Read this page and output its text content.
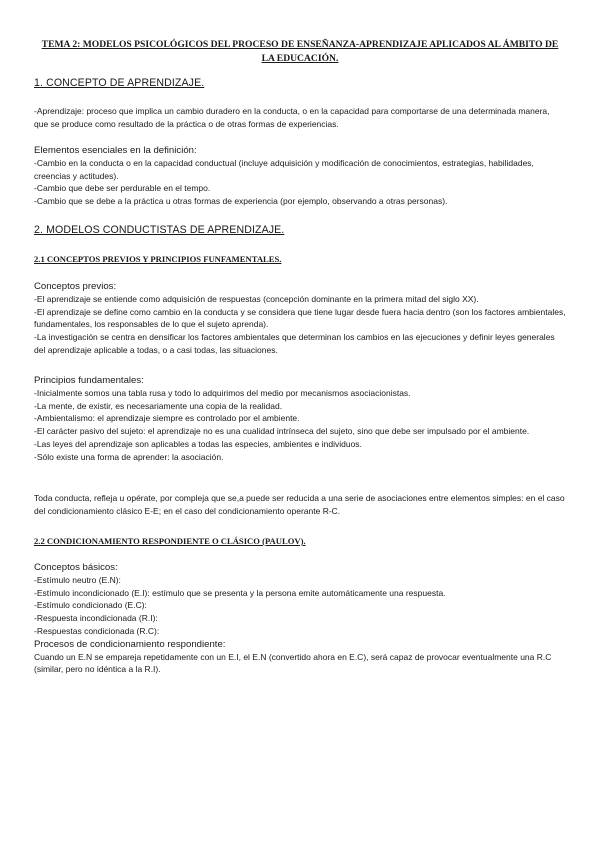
TEMA 2: MODELOS PSICOLÓGICOS DEL PROCESO DE ENSEÑANZA-APRENDIZAJE APLICADOS AL ÁMBITO DE LA EDUCACIÓN.
1. CONCEPTO DE APRENDIZAJE.

-Aprendizaje: proceso que implica un cambio duradero en la conducta, o en la capacidad para comportarse de una determinada manera, que se produce como resultado de la práctica o de otras formas de experiencias.

Elementos esenciales en la definición:

-Cambio en la conducta o en la capacidad conductual (incluye adquisición y modificación de conocimientos, estrategias, habilidades, creencias y actitudes).

-Cambio que debe ser perdurable en el tempo.

-Cambio que se debe a la práctica u otras formas de experiencia (por ejemplo, observando a otras personas).

2. MODELOS CONDUCTISTAS DE APRENDIZAJE.
2.1 CONCEPTOS PREVIOS Y PRINCIPIOS FUNFAMENTALES.

Conceptos previos:

-El aprendizaje se entiende como adquisición de respuestas (concepción dominante en la primera mitad del siglo XX).

-El aprendizaje se define como cambio en la conducta y se considera que tiene lugar desde fuera hacia dentro (son los factores ambientales, fundamentales, los responsables de lo que el sujeto aprenda).

-La investigación se centra en densificar los factores ambientales que determinan los cambios en las ejecuciones y definir leyes generales del aprendizaje aplicable a todas, o a casi todas, las situaciones.

Principios fundamentales:

-Inicialmente somos una tabla rusa y todo lo adquirimos del medio por mecanismos asociacionistas.

-La mente, de existir, es necesariamente una copia de la realidad.

-Ambientalismo: el aprendizaje siempre es controlado por el ambiente.

-El carácter pasivo del sujeto: el aprendizaje no es una cualidad intrínseca del sujeto, sino que debe ser impulsado por el ambiente.

-Las leyes del aprendizaje son aplicables a todas las especies, ambientes e individuos.

-Sólo existe una forma de aprender: la asociación.

Toda conducta, refleja u opérate, por compleja que se,a puede ser reducida a una serie de asociaciones entre elementos simples: en el caso del condicionamiento clásico E-E; en el caso del condicionamiento operante R-C.

2.2 CONDICIONAMIENTO RESPONDIENTE O CLÁSICO (PAULOV).

Conceptos básicos:

-Estímulo neutro (E.N):

-Estímulo incondicionado (E.I): estímulo que se presenta y la persona emite automáticamente una respuesta.

-Estímulo condicionado (E.C):

-Respuesta incondicionada (R.I):

-Respuestas condicionada (R.C):

Procesos de condicionamiento respondiente:

Cuando un E.N se empareja repetidamente con un E.I, el E.N (convertido ahora en E.C), será capaz de provocar eventualmente una R.C (similar, pero no idéntica a la R.I).
